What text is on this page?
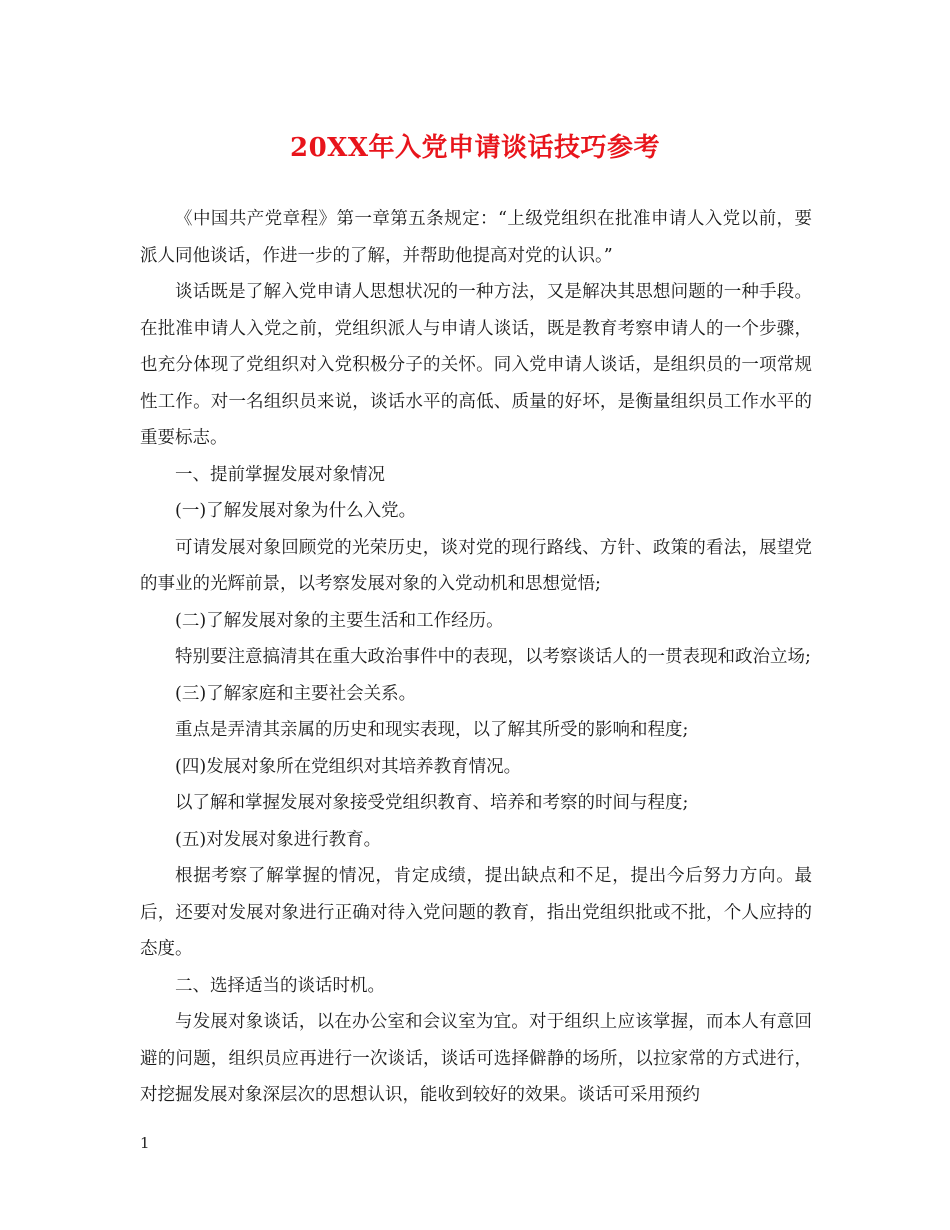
20XX年入党申请谈话技巧参考

《中国共产党章程》第一章第五条规定：“上级党组织在批准申请人入党以前，要派人同他谈话，作进一步的了解，并帮助他提高对党的认识。”

谈话既是了解入党申请人思想状况的一种方法，又是解决其思想问题的一种手段。在批准申请人入党之前，党组织派人与申请人谈话，既是教育考察申请人的一个步骤，也充分体现了党组织对入党积极分子的关怀。同入党申请人谈话，是组织员的一项常规性工作。对一名组织员来说，谈话水平的高低、质量的好坏，是衡量组织员工作水平的重要标志。

一、提前掌握发展对象情况

(一)了解发展对象为什么入党。

可请发展对象回顾党的光荣历史，谈对党的现行路线、方针、政策的看法，展望党的事业的光辉前景，以考察发展对象的入党动机和思想觉悟;

(二)了解发展对象的主要生活和工作经历。

特别要注意搞清其在重大政治事件中的表现，以考察谈话人的一贯表现和政治立场;

(三)了解家庭和主要社会关系。

重点是弄清其亲属的历史和现实表现，以了解其所受的影响和程度;

(四)发展对象所在党组织对其培养教育情况。

以了解和掌握发展对象接受党组织教育、培养和考察的时间与程度;

(五)对发展对象进行教育。

根据考察了解掌握的情况，肯定成绩，提出缺点和不足，提出今后努力方向。最后，还要对发展对象进行正确对待入党问题的教育，指出党组织批或不批，个人应持的态度。

二、选择适当的谈话时机。

与发展对象谈话，以在办公室和会议室为宜。对于组织上应该掌握，而本人有意回避的问题，组织员应再进行一次谈话，谈话可选择僻静的场所，以拉家常的方式进行，对挖掘发展对象深层次的思想认识，能收到较好的效果。谈话可采用预约

1
